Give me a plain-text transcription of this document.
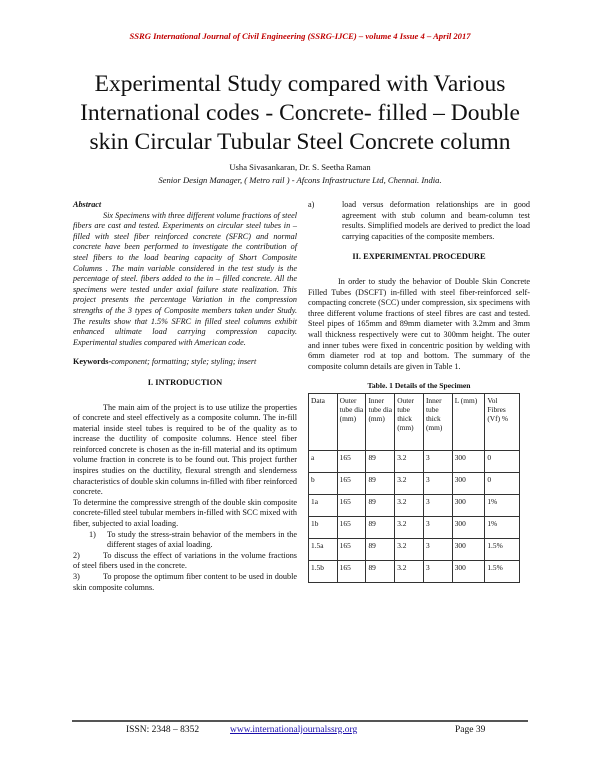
SSRG International Journal of Civil Engineering (SSRG-IJCE) – volume 4 Issue 4 – April 2017
Experimental Study compared with Various International codes - Concrete- filled – Double skin Circular Tubular Steel Concrete column
Usha Sivasankaran, Dr. S. Seetha Raman
Senior Design Manager, ( Metro rail ) - Afcons Infrastructure Ltd, Chennai. India.

Abstract

Six Specimens with three different volume fractions of steel fibers are cast and tested. Experiments on circular steel tubes in – filled with steel fiber reinforced concrete (SFRC) and normal concrete have been performed to investigate the contribution of steel fibers to the load bearing capacity of Short Composite Columns . The main variable considered in the test study is the percentage of steel. fibers added to the in – filled concrete. All the specimens were tested under axial failure state realization. This project presents the percentage Variation in the compression strengths of the 3 types of Composite members taken under Study. The results show that 1.5% SFRC in filled steel columns exhibit enhanced ultimate load carrying compression capacity. Experimental studies compared with American code.

Keywords-component; formatting; style; styling; insert

I. INTRODUCTION

The main aim of the project is to use utilize the properties of concrete and steel effectively as a composite column. The in-fill material inside steel tubes is required to be of the quality as to increase the ductility of composite columns. Hence steel fiber reinforced concrete is chosen as the in-fill material and its optimum volume fraction in concrete is to be found out. This project further inspires studies on the ductility, flexural strength and slenderness characteristics of double skin columns in-filled with fiber reinforced concrete.

To determine the compressive strength of the double skin composite concrete-filled steel tubular members in-filled with SCC mixed with fiber, subjected to axial loading.

1)	To study the stress-strain behavior of the members in the different stages of axial loading.

2)	To discuss the effect of variations in the volume fractions of steel fibers used in the concrete.

3)	To propose the optimum fiber content to be used in double skin composite columns.

a)	load versus deformation relationships are in good agreement with stub column and beam-column test results. Simplified models are derived to predict the load carrying capacities of the composite members.

II. EXPERIMENTAL PROCEDURE

In order to study the behavior of Double Skin Concrete Filled Tubes (DSCFT) in-filled with steel fiber-reinforced self-compacting concrete (SCC) under compression, six specimens with three different volume fractions of steel fibres are cast and tested. Steel pipes of 165mm and 89mm diameter with 3.2mm and 3mm wall thickness respectively were cut to 300mm height. The outer and inner tubes were fixed in concentric position by welding with 6mm diameter rod at top and bottom. The summary of the composite column details are given in Table 1.

Table. 1 Details of the Specimen

Data	Outer tube dia (mm)	Inner tube dia (mm)	Outer tube thick (mm)	Inner tube thick (mm)	L (mm)	Vol Fibres (Vf) %
a	165	89	3.2	3	300	0
b	165	89	3.2	3	300	0
1a	165	89	3.2	3	300	1%
1b	165	89	3.2	3	300	1%
1.5a	165	89	3.2	3	300	1.5%
1.5b	165	89	3.2	3	300	1.5%
ISSN: 2348 – 8352	www.internationaljournalssrg.org	Page 39
